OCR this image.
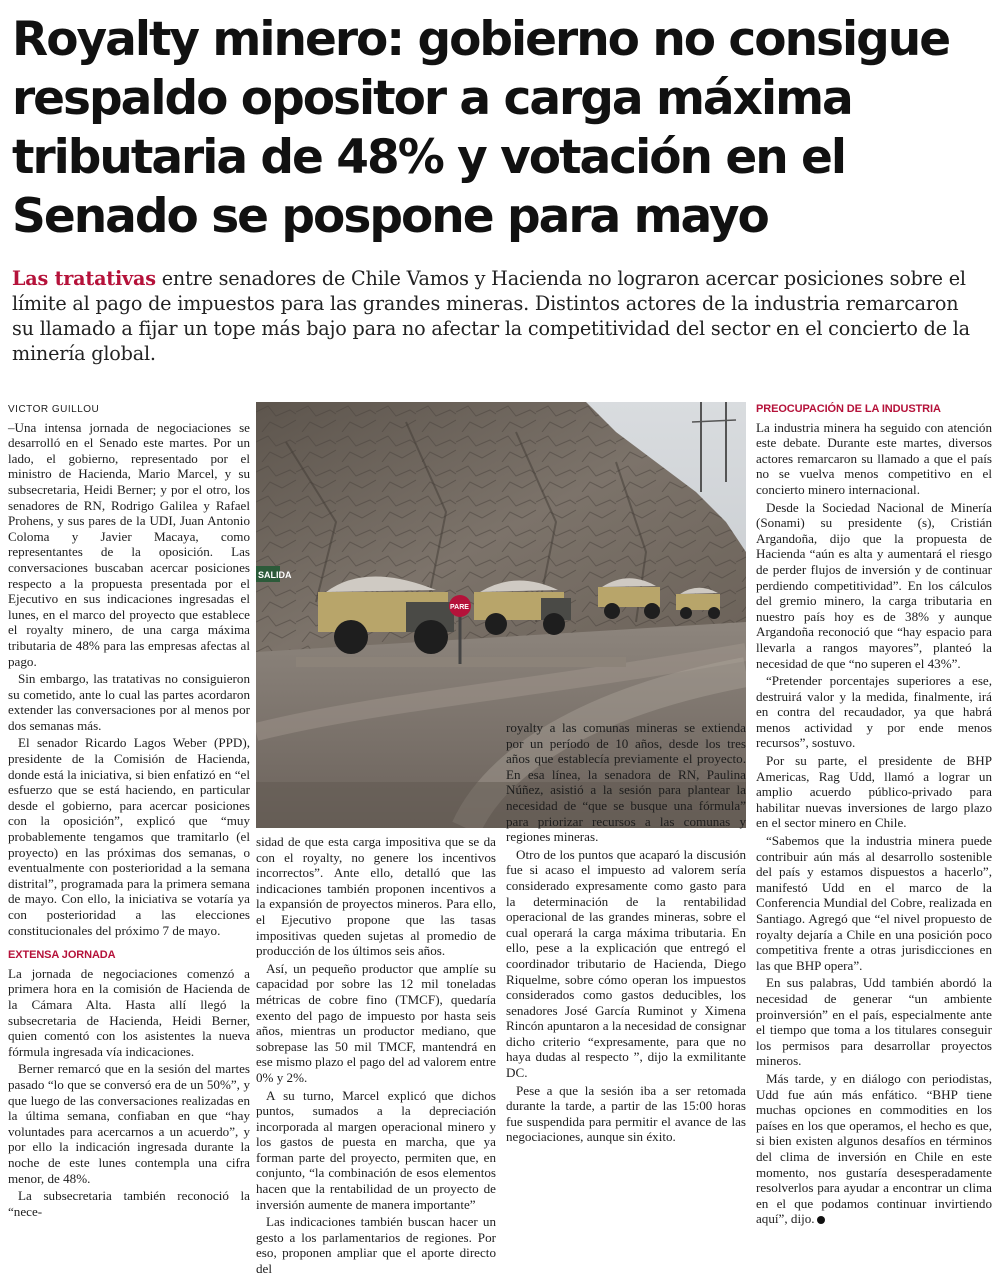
Royalty minero: gobierno no consigue
respaldo opositor a carga máxima
tributaria de 48% y votación en el
Senado se pospone para mayo

Las tratativas entre senadores de Chile Vamos y Hacienda no lograron acercar posiciones sobre el límite al pago de impuestos para las grandes mineras. Distintos actores de la industria remarcaron su llamado a fijar un tope más bajo para no afectar la competitividad del sector en el concierto de la minería global.

VICTOR GUILLOU

–Una intensa jornada de negociaciones se desarrolló en el Senado este martes. Por un lado, el gobierno, representado por el ministro de Hacienda, Mario Marcel, y su subsecretaria, Heidi Berner; y por el otro, los senadores de RN, Rodrigo Galilea y Rafael Prohens, y sus pares de la UDI, Juan Antonio Coloma y Javier Macaya, como representantes de la oposición. Las conversaciones buscaban acercar posiciones respecto a la propuesta presentada por el Ejecutivo en sus indicaciones ingresadas el lunes, en el marco del proyecto que establece el royalty minero, de una carga máxima tributaria de 48% para las empresas afectas al pago.

Sin embargo, las tratativas no consiguieron su cometido, ante lo cual las partes acordaron extender las conversaciones por al menos por dos semanas más.

El senador Ricardo Lagos Weber (PPD), presidente de la Comisión de Hacienda, donde está la iniciativa, si bien enfatizó en “el esfuerzo que se está haciendo, en particular desde el gobierno, para acercar posiciones con la oposición”, explicó que “muy probablemente tengamos que tramitarlo (el proyecto) en las próximas dos semanas, o eventualmente con posterioridad a la semana distrital”, programada para la primera semana de mayo. Con ello, la iniciativa se votaría ya con posterioridad a las elecciones constitucionales del próximo 7 de mayo.

EXTENSA JORNADA

La jornada de negociaciones comenzó a primera hora en la comisión de Hacienda de la Cámara Alta. Hasta allí llegó la subsecretaria de Hacienda, Heidi Berner, quien comentó con los asistentes la nueva fórmula ingresada vía indicaciones.

Berner remarcó que en la sesión del martes pasado “lo que se conversó era de un 50%”, y que luego de las conversaciones realizadas en la última semana, confiaban en que “hay voluntades para acercarnos a un acuerdo”, y por ello la indicación ingresada durante la noche de este lunes contempla una cifra menor, de 48%.

La subsecretaria también reconoció la “nece-

SALIDA
PARE

sidad de que esta carga impositiva que se da con el royalty, no genere los incentivos incorrectos”. Ante ello, detalló que las indicaciones también proponen incentivos a la expansión de proyectos mineros. Para ello, el Ejecutivo propone que las tasas impositivas queden sujetas al promedio de producción de los últimos seis años.

Así, un pequeño productor que amplíe su capacidad por sobre las 12 mil toneladas métricas de cobre fino (TMCF), quedaría exento del pago de impuesto por hasta seis años, mientras un productor mediano, que sobrepase las 50 mil TMCF, mantendrá en ese mismo plazo el pago del ad valorem entre 0% y 2%.

A su turno, Marcel explicó que dichos puntos, sumados a la depreciación incorporada al margen operacional minero y los gastos de puesta en marcha, que ya forman parte del proyecto, permiten que, en conjunto, “la combinación de esos elementos hacen que la rentabilidad de un proyecto de inversión aumente de manera importante”

Las indicaciones también buscan hacer un gesto a los parlamentarios de regiones. Por eso, proponen ampliar que el aporte directo del

royalty a las comunas mineras se extienda por un período de 10 años, desde los tres años que establecía previamente el proyecto. En esa línea, la senadora de RN, Paulina Núñez, asistió a la sesión para plantear la necesidad de “que se busque una fórmula” para priorizar recursos a las comunas y regiones mineras.

Otro de los puntos que acaparó la discusión fue si acaso el impuesto ad valorem sería considerado expresamente como gasto para la determinación de la rentabilidad operacional de las grandes mineras, sobre el cual operará la carga máxima tributaria. En ello, pese a la explicación que entregó el coordinador tributario de Hacienda, Diego Riquelme, sobre cómo operan los impuestos considerados como gastos deducibles, los senadores José García Ruminot y Ximena Rincón apuntaron a la necesidad de consignar dicho criterio “expresamente, para que no haya dudas al respecto ”, dijo la exmilitante DC.

Pese a que la sesión iba a ser retomada durante la tarde, a partir de las 15:00 horas fue suspendida para permitir el avance de las negociaciones, aunque sin éxito.

PREOCUPACIÓN DE LA INDUSTRIA

La industria minera ha seguido con atención este debate. Durante este martes, diversos actores remarcaron su llamado a que el país no se vuelva menos competitivo en el concierto minero internacional.

Desde la Sociedad Nacional de Minería (Sonami) su presidente (s), Cristián Argandoña, dijo que la propuesta de Hacienda “aún es alta y aumentará el riesgo de perder flujos de inversión y de continuar perdiendo competitividad”. En los cálculos del gremio minero, la carga tributaria en nuestro país hoy es de 38% y aunque Argandoña reconoció que “hay espacio para llevarla a rangos mayores”, planteó la necesidad de que “no superen el 43%”.

“Pretender porcentajes superiores a ese, destruirá valor y la medida, finalmente, irá en contra del recaudador, ya que habrá menos actividad y por ende menos recursos”, sostuvo.

Por su parte, el presidente de BHP Americas, Rag Udd, llamó a lograr un amplio acuerdo público-privado para habilitar nuevas inversiones de largo plazo en el sector minero en Chile.

“Sabemos que la industria minera puede contribuir aún más al desarrollo sostenible del país y estamos dispuestos a hacerlo”, manifestó Udd en el marco de la Conferencia Mundial del Cobre, realizada en Santiago. Agregó que “el nivel propuesto de royalty dejaría a Chile en una posición poco competitiva frente a otras jurisdicciones en las que BHP opera”.

En sus palabras, Udd también abordó la necesidad de generar “un ambiente proinversión” en el país, especialmente ante el tiempo que toma a los titulares conseguir los permisos para desarrollar proyectos mineros.

Más tarde, y en diálogo con periodistas, Udd fue aún más enfático. “BHP tiene muchas opciones en commodities en los países en los que operamos, el hecho es que, si bien existen algunos desafíos en términos del clima de inversión en Chile en este momento, nos gustaría desesperadamente resolverlos para ayudar a encontrar un clima en el que podamos continuar invirtiendo aquí”, dijo.
